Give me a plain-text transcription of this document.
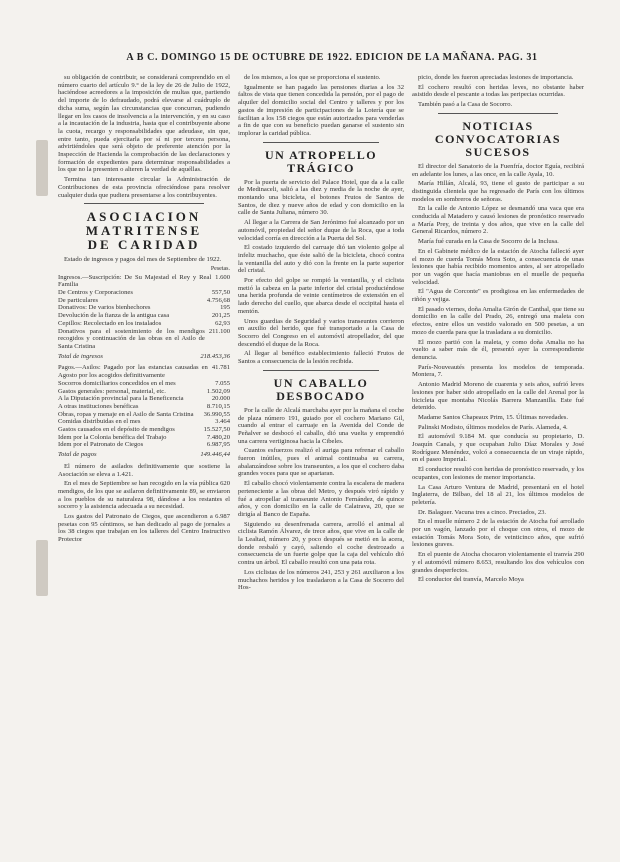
A B C. DOMINGO 15 DE OCTUBRE DE 1922. EDICION DE LA MAÑANA. PAG. 31

su obligación de contribuir, se considerará comprendido en el número cuarto del artículo 9.° de la ley de 26 de Julio de 1922, haciéndose acreedores a la imposición de multas que, partiendo del importe de lo defraudado, podrá elevarse al cuádruplo de dicha suma, según las circunstancias que concurran, pudiendo llegar en los casos de insolvencia a la intervención, y en su caso a la incautación de la industria, hasta que el contribuyente abone la cuota, recargo y responsabilidades que adeudase, sin que, entre tanto, pueda ejercitarla por sí ni por tercera persona, advirtiéndoles que será objeto de preferente atención por la Inspección de Hacienda la comprobación de las declaraciones y formación de expedientes para determinar responsabilidades a los que no la presenten o alteren la verdad de aquéllas.

Termina tan interesante circular la Administración de Contribuciones de esta provincia ofreciéndose para resolver cualquier duda que pudiera presentarse a los contribuyentes.

ASOCIACION
MATRITENSE
DE CARIDAD

Estado de ingresos y pagos del mes de Septiembre de 1922.

Pesetas.
Ingresos.—Suscripción: De Su Majestad el Rey y Real Familia
1.600
De Centros y Corporaciones	557,50
De particulares	4.756,68
Donativos: De varios bienhechores	195
Devolución de la fianza de la antigua casa	201,25
Cepillos: Recolectado en los instalados	62,93
Donativos para el sostenimiento de los mendigos recogidos y continuación de las obras en el Asilo de Santa Cristina
211.100
Total de ingresos	218.453,36
Pagos.—Asilos: Pagado por las estancias causadas en Agosto por los acogidos definitivamente
41.781
Socorros domiciliarios concedidos en el mes	7.055
Gastos generales: personal, material, etc.	1.502,09
A la Diputación provincial para la Beneficencia	20.000
A otras instituciones benéficas	8.710,15
Obras, ropas y menaje en el Asilo de Santa Cristina	36.990,55
Comidas distribuidas en el mes	3.464
Gastos causados en el depósito de mendigos	15.527,50
Idem por la Colonia benéfica del Trabajo	7.480,20
Idem por el Patronato de Ciegos	6.987,95
Total de pagos	149.446,44

El número de asilados definitivamente que sostiene la Asociación se eleva a 1.421.

En el mes de Septiembre se han recogido en la vía pública 620 mendigos, de los que se asilaron definitivamente 89, se enviaron a los pueblos de su naturaleza 98, dándose a los restantes el socorro y la asistencia adecuada a su necesidad.

Los gastos del Patronato de Ciegos, que ascendieron a 6.987 pesetas con 95 céntimos, se han dedicado al pago de jornales a los 38 ciegos que trabajan en los talleres del Centro Instructivo Protector

de los mismos, a los que se proporciona el sustento.

Igualmente se han pagado las pensiones diarias a los 32 faltos de vista que tienen concedida la pensión, por el pago de alquiler del domicilio social del Centro y talleres y por los gastos de impresión de participaciones de la Lotería que se facilitan a los 158 ciegos que están autorizados para venderlas a fin de que con su beneficio puedan ganarse el sustento sin implorar la caridad pública.

UN ATROPELLO
TRÁGICO

Por la puerta de servicio del Palace Hotel, que da a la calle de Medinaceli, salió a las diez y media de la noche de ayer, montando una bicicleta, el botones Frutos de Santos de Santos, de diez y nueve años de edad y con domicilio en la calle de Santa Juliana, número 30.

Al llegar a la Carrera de San Jerónimo fué alcanzado por un automóvil, propiedad del señor duque de la Roca, que a toda velocidad corría en dirección a la Puerta del Sol.

El costado izquierdo del carruaje dió tan violento golpe al infeliz muchacho, que éste salió de la bicicleta, chocó contra la ventanilla del auto y dió con la frente en la parte superior del cristal.

Por efecto del golpe se rompió la ventanilla, y el ciclista metió la cabeza en la parte inferior del cristal produciéndose una herida profunda de veinte centímetros de extensión en el lado derecho del cuello, que abarca desde el occipital hasta el mentón.

Unos guardias de Seguridad y varios transeuntes corrieron en auxilio del herido, que fué transportado a la Casa de Socorro del Congreso en el automóvil atropellador, del que descendió el duque de la Roca.

Al llegar al benéfico establecimiento falleció Frutos de Santos a consecuencia de la lesión recibida.

UN CABALLO
DESBOCADO

Por la calle de Alcalá marchaba ayer por la mañana el coche de plaza número 191, guiado por el cochero Mariano Gil, cuando al entrar el carruaje en la Avenida del Conde de Peñalver se desbocó el caballo, dió una vuelta y emprendió una carrera vertiginosa hacia la Cibeles.

Cuantos esfuerzos realizó el auriga para refrenar el caballo fueron inútiles, pues el animal continuaba su carrera, abalanzándose sobre los transeuntes, a los que el cochero daba grandes voces para que se apartaran.

El caballo chocó violentamente contra la escalera de madera perteneciente a las obras del Metro, y después viró rápido y fué a atropellar al transeunte Antonio Fernández, de quince años, y con domicilio en la calle de Calatrava, 20, que se dirigía al Banco de España.

Siguiendo su desenfrenada carrera, arrolló el animal al ciclista Ramón Álvarez, de trece años, que vive en la calle de la Lealtad, número 20, y poco después se metió en la acera, donde resbaló y cayó, saliendo el coche destrozado a consecuencia de un fuerte golpe que la caja del vehículo dió contra un árbol. El caballo resultó con una pata rota.

Los ciclistas de los números 241, 253 y 261 auxiliaron a los muchachos heridos y los trasladaron a la Casa de Socorro del Hos-

picio, donde les fueron apreciadas lesiones de importancia.

El cochero resultó con heridas leves, no obstante haber asistido desde el pescante a todas las peripecias ocurridas.

También pasó a la Casa de Socorro.

NOTICIAS
CONVOCATORIAS
SUCESOS

El director del Sanatorio de la Fuenfría, doctor Eguía, recibirá en adelante los lunes, a las once, en la calle Ayala, 10.

María Hillán, Alcalá, 93, tiene el gusto de participar a su distinguida clientela que ha regresado de París con los últimos modelos en sombreros de señoras.

En la calle de Antonio López se desmandó una vaca que era conducida al Matadero y causó lesiones de pronóstico reservado a María Prey, de treinta y dos años, que vive en la calle del General Ricardos, número 2.

María fué curada en la Casa de Socorro de la Inclusa.

En el Gabinete médico de la estación de Atocha falleció ayer el mozo de cuerda Tomás Mora Soto, a consecuencia de unas lesiones que había recibido momentos antes, al ser atropellado por un vagón que hacía maniobras en el muelle de pequeña velocidad.

El "Agua de Corconte" es prodigiosa en las enfermedades de riñón y vejiga.

El pasado viernes, doña Amalia Girón de Canthal, que tiene su domicilio en la calle del Prado, 26, entregó una maleta con efectos, entre ellos un vestido valorado en 500 pesetas, a un mozo de cuerda para que la trasladara a su domicilio.

El mozo partió con la maleta, y como doña Amalia no ha vuelto a saber más de él, presentó ayer la correspondiente denuncia.

París-Nouveautés presenta los modelos de temporada. Montera, 7.

Antonio Madrid Moreno de cuarenta y seis años, sufrió leves lesiones por haber sido atropellado en la calle del Arenal por la bicicleta que montaba Nicolás Barrera Manzanilla. Este fué detenido.

Madame Santos Chapeaux Prim, 15. Últimas novedades.

Palinski Modisto, últimos modelos de París. Alameda, 4.

El automóvil 9.184 M. que conducía su propietario, D. Joaquín Canals, y que ocupaban Julio Díaz Morales y José Rodríguez Menéndez, volcó a consecuencia de un viraje rápido, en el paseo Imperial.

El conductor resultó con heridas de pronóstico reservado, y los ocupantes, con lesiones de menor importancia.

La Casa Arturo Ventura de Madrid, presentará en el hotel Inglaterra, de Bilbao, del 18 al 21, los últimos modelos de peletería.

Dr. Balaguer. Vacuna tres a cinco. Preciados, 23.

En el muelle número 2 de la estación de Atocha fué arrollado por un vagón, lanzado por el choque con otros, el mozo de estación Tomás Mora Soto, de veinticinco años, que sufrió lesiones graves.

En el puente de Atocha chocaron violentamente el tranvía 290 y el automóvil número 8.653, resultando los dos vehículos con grandes desperfectos.

El conductor del tranvía, Marcelo Moya
